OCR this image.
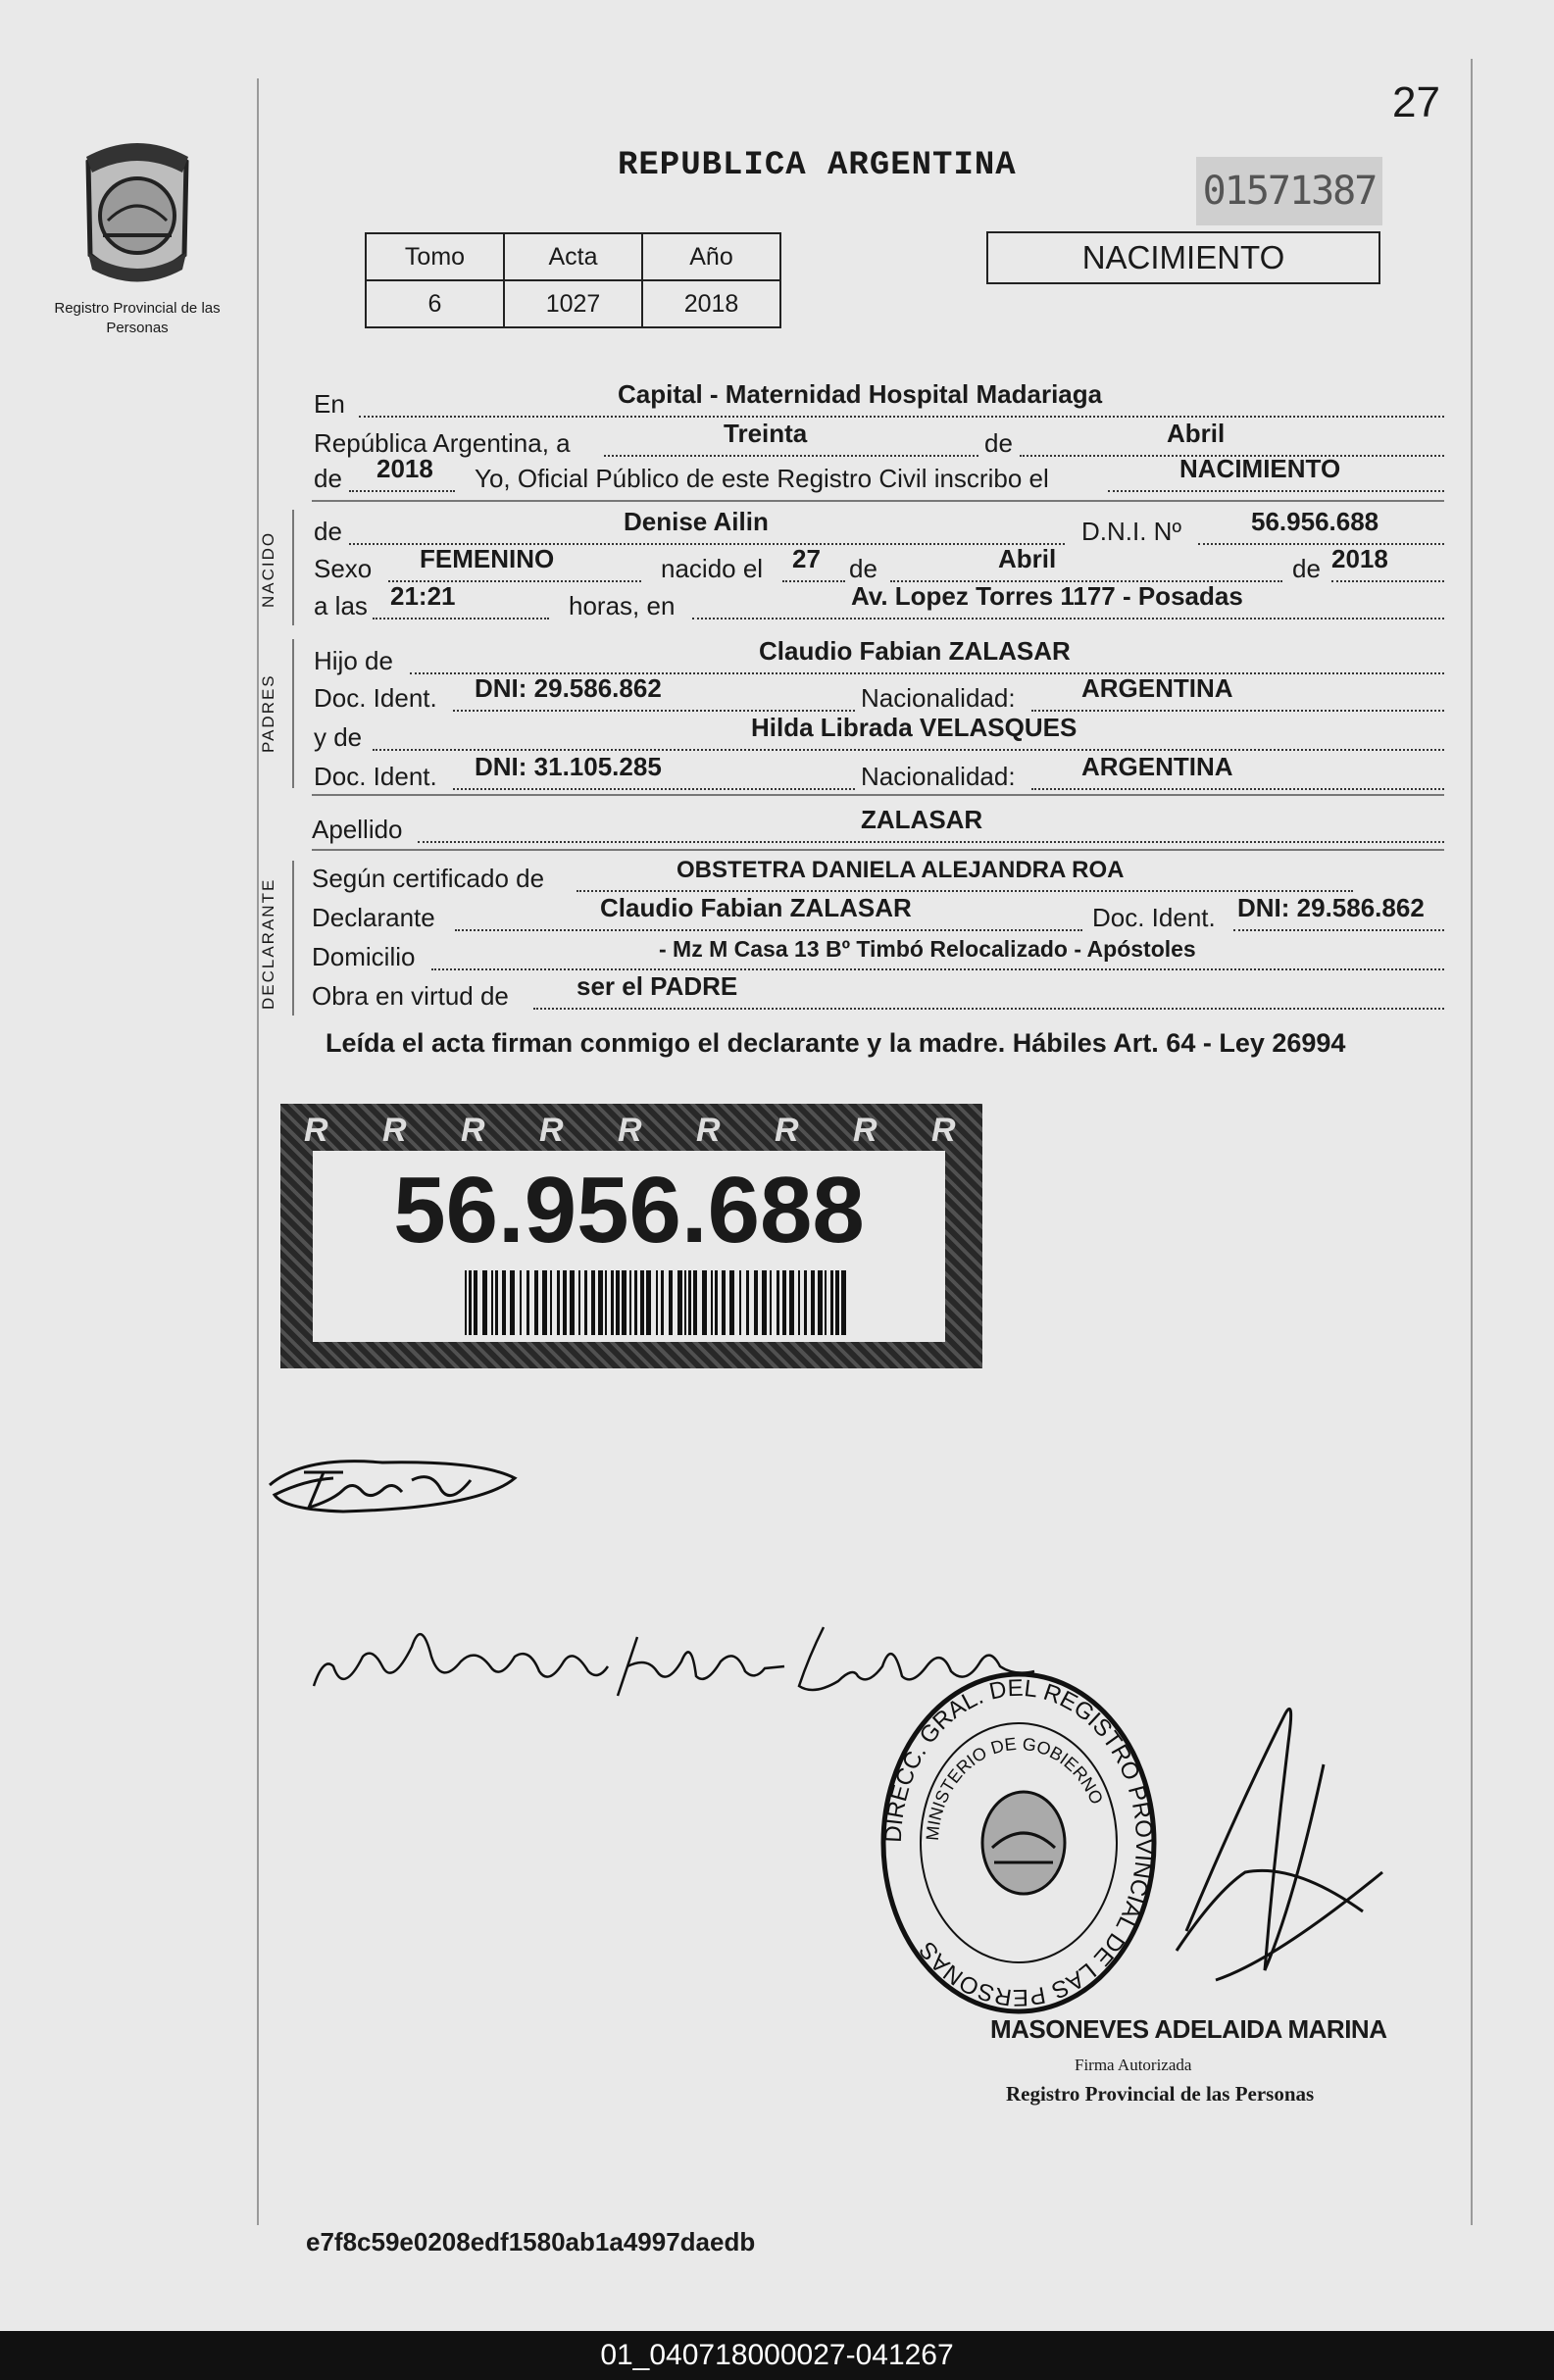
27
Registro Provincial de las Personas
REPUBLICA ARGENTINA
01571387
Tomo	Acta	Año
6	1027	2018
NACIMIENTO
En	Capital - Maternidad Hospital Madariaga
República Argentina, a	Treinta	de	Abril
de 2018 Yo, Oficial Público de este Registro Civil inscribo el	NACIMIENTO
NACIDO de	Denise Ailin	D.N.I. Nº	56.956.688
Sexo FEMENINO	nacido el 27 de	Abril	de 2018
a las 21:21	horas, en	Av. Lopez Torres 1177 - Posadas
PADRES
Hijo de	Claudio Fabian ZALASAR
Doc. Ident. DNI: 29.586.862	Nacionalidad:	ARGENTINA
y de	Hilda Librada VELASQUES
Doc. Ident. DNI: 31.105.285	Nacionalidad:	ARGENTINA
Apellido	ZALASAR
DECLARANTE Según certificado de	OBSTETRA DANIELA ALEJANDRA ROA
Declarante	Claudio Fabian ZALASAR	Doc. Ident. DNI: 29.586.862
Domicilio	- Mz M Casa 13 Bº Timbó Relocalizado - Apóstoles
Obra en virtud de	ser el PADRE
Leída el acta firman conmigo el declarante y la madre. Hábiles Art. 64 - Ley 26994
R R R R R R R R R
56.956.688
DIRECC. GRAL. DEL REGISTRO PROVINCIAL DE LAS PERSONAS
MINISTERIO DE GOBIERNO
MASONEVES ADELAIDA MARINA
Firma Autorizada
Registro Provincial de las Personas
e7f8c59e0208edf1580ab1a4997daedb
01_040718000027-041267
